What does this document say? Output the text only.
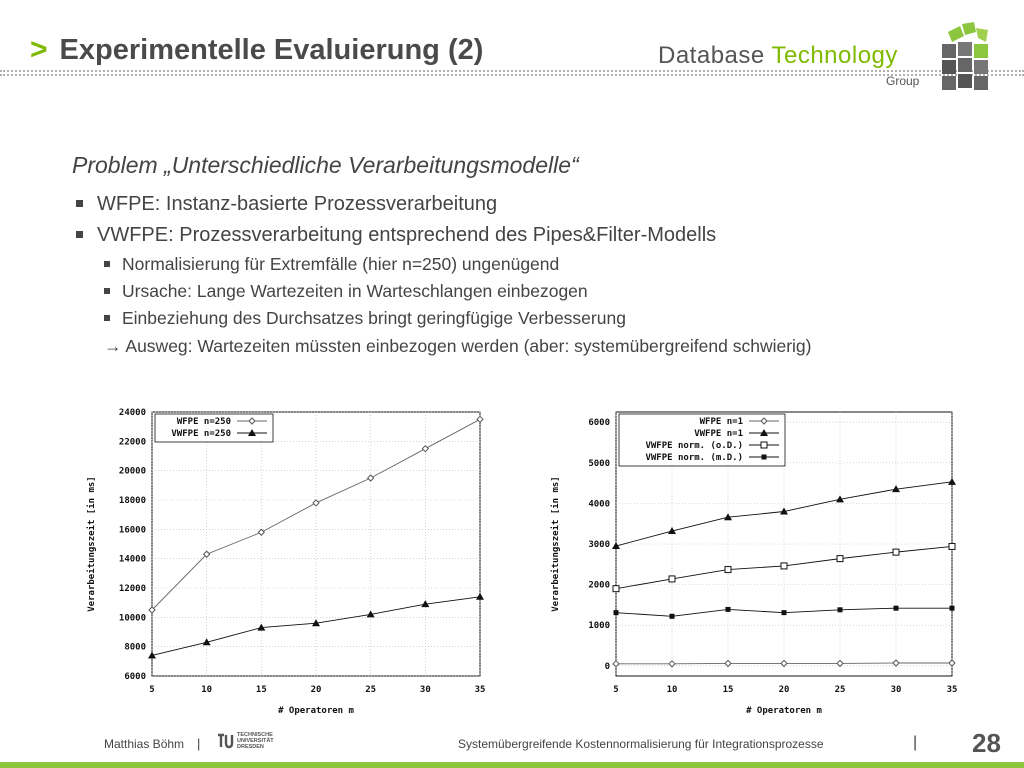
> Experimentelle Evaluierung (2)	Database Technology
Group
Problem „Unterschiedliche Verarbeitungsmodelle“
WFPE: Instanz-basierte Prozessverarbeitung
VWFPE: Prozessverarbeitung entsprechend des Pipes&Filter-Modells
Normalisierung für Extremfälle (hier n=250) ungenügend
Ursache: Lange Wartezeiten in Warteschlangen einbezogen
Einbeziehung des Durchsatzes bringt geringfügige Verbesserung
→ Ausweg: Wartezeiten müssten einbezogen werden (aber: systemübergreifend schwierig)
6000
8000
10000
12000
14000
16000
18000
20000
22000
24000
5	10	15	20	25	30	35
# Operatoren m
Verarbeitungszeit [in ms]
WFPE n=250
VWFPE n=250
0
1000
2000
3000
4000
5000
6000
5	10	15	20	25	30	35
# Operatoren m
Verarbeitungszeit [in ms]
WFPE n=1
VWFPE n=1
VWFPE norm. (o.D.)
VWFPE norm. (m.D.)
Matthias Böhm |
TECHNISCHE
UNIVERSITÄT
DRESDEN	Systemübergreifende Kostennormalisierung für Integrationsprozesse	| 28
